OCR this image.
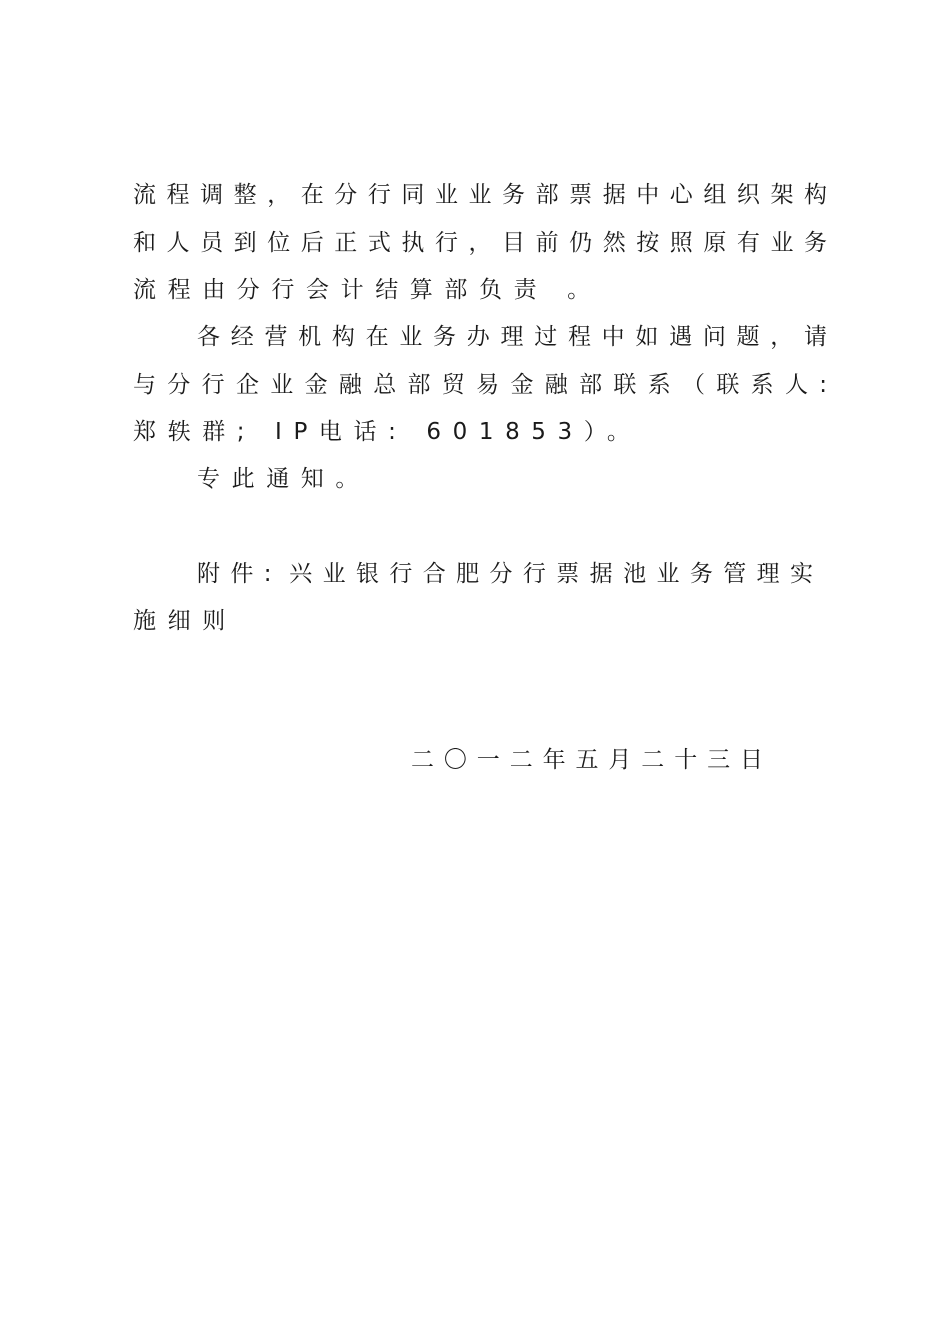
流程调整，在分行同业业务部票据中心组织架构
和人员到位后正式执行，目前仍然按照原有业务
流程由分行会计结算部负责 。
各经营机构在业务办理过程中如遇问题，请
与分行企业金融总部贸易金融部联系（联系人:
郑轶群; IP电话: 601853）。
专此通知。
附件: 兴业银行合肥分行票据池业务管理实
施细则
二〇一二年五月二十三日
